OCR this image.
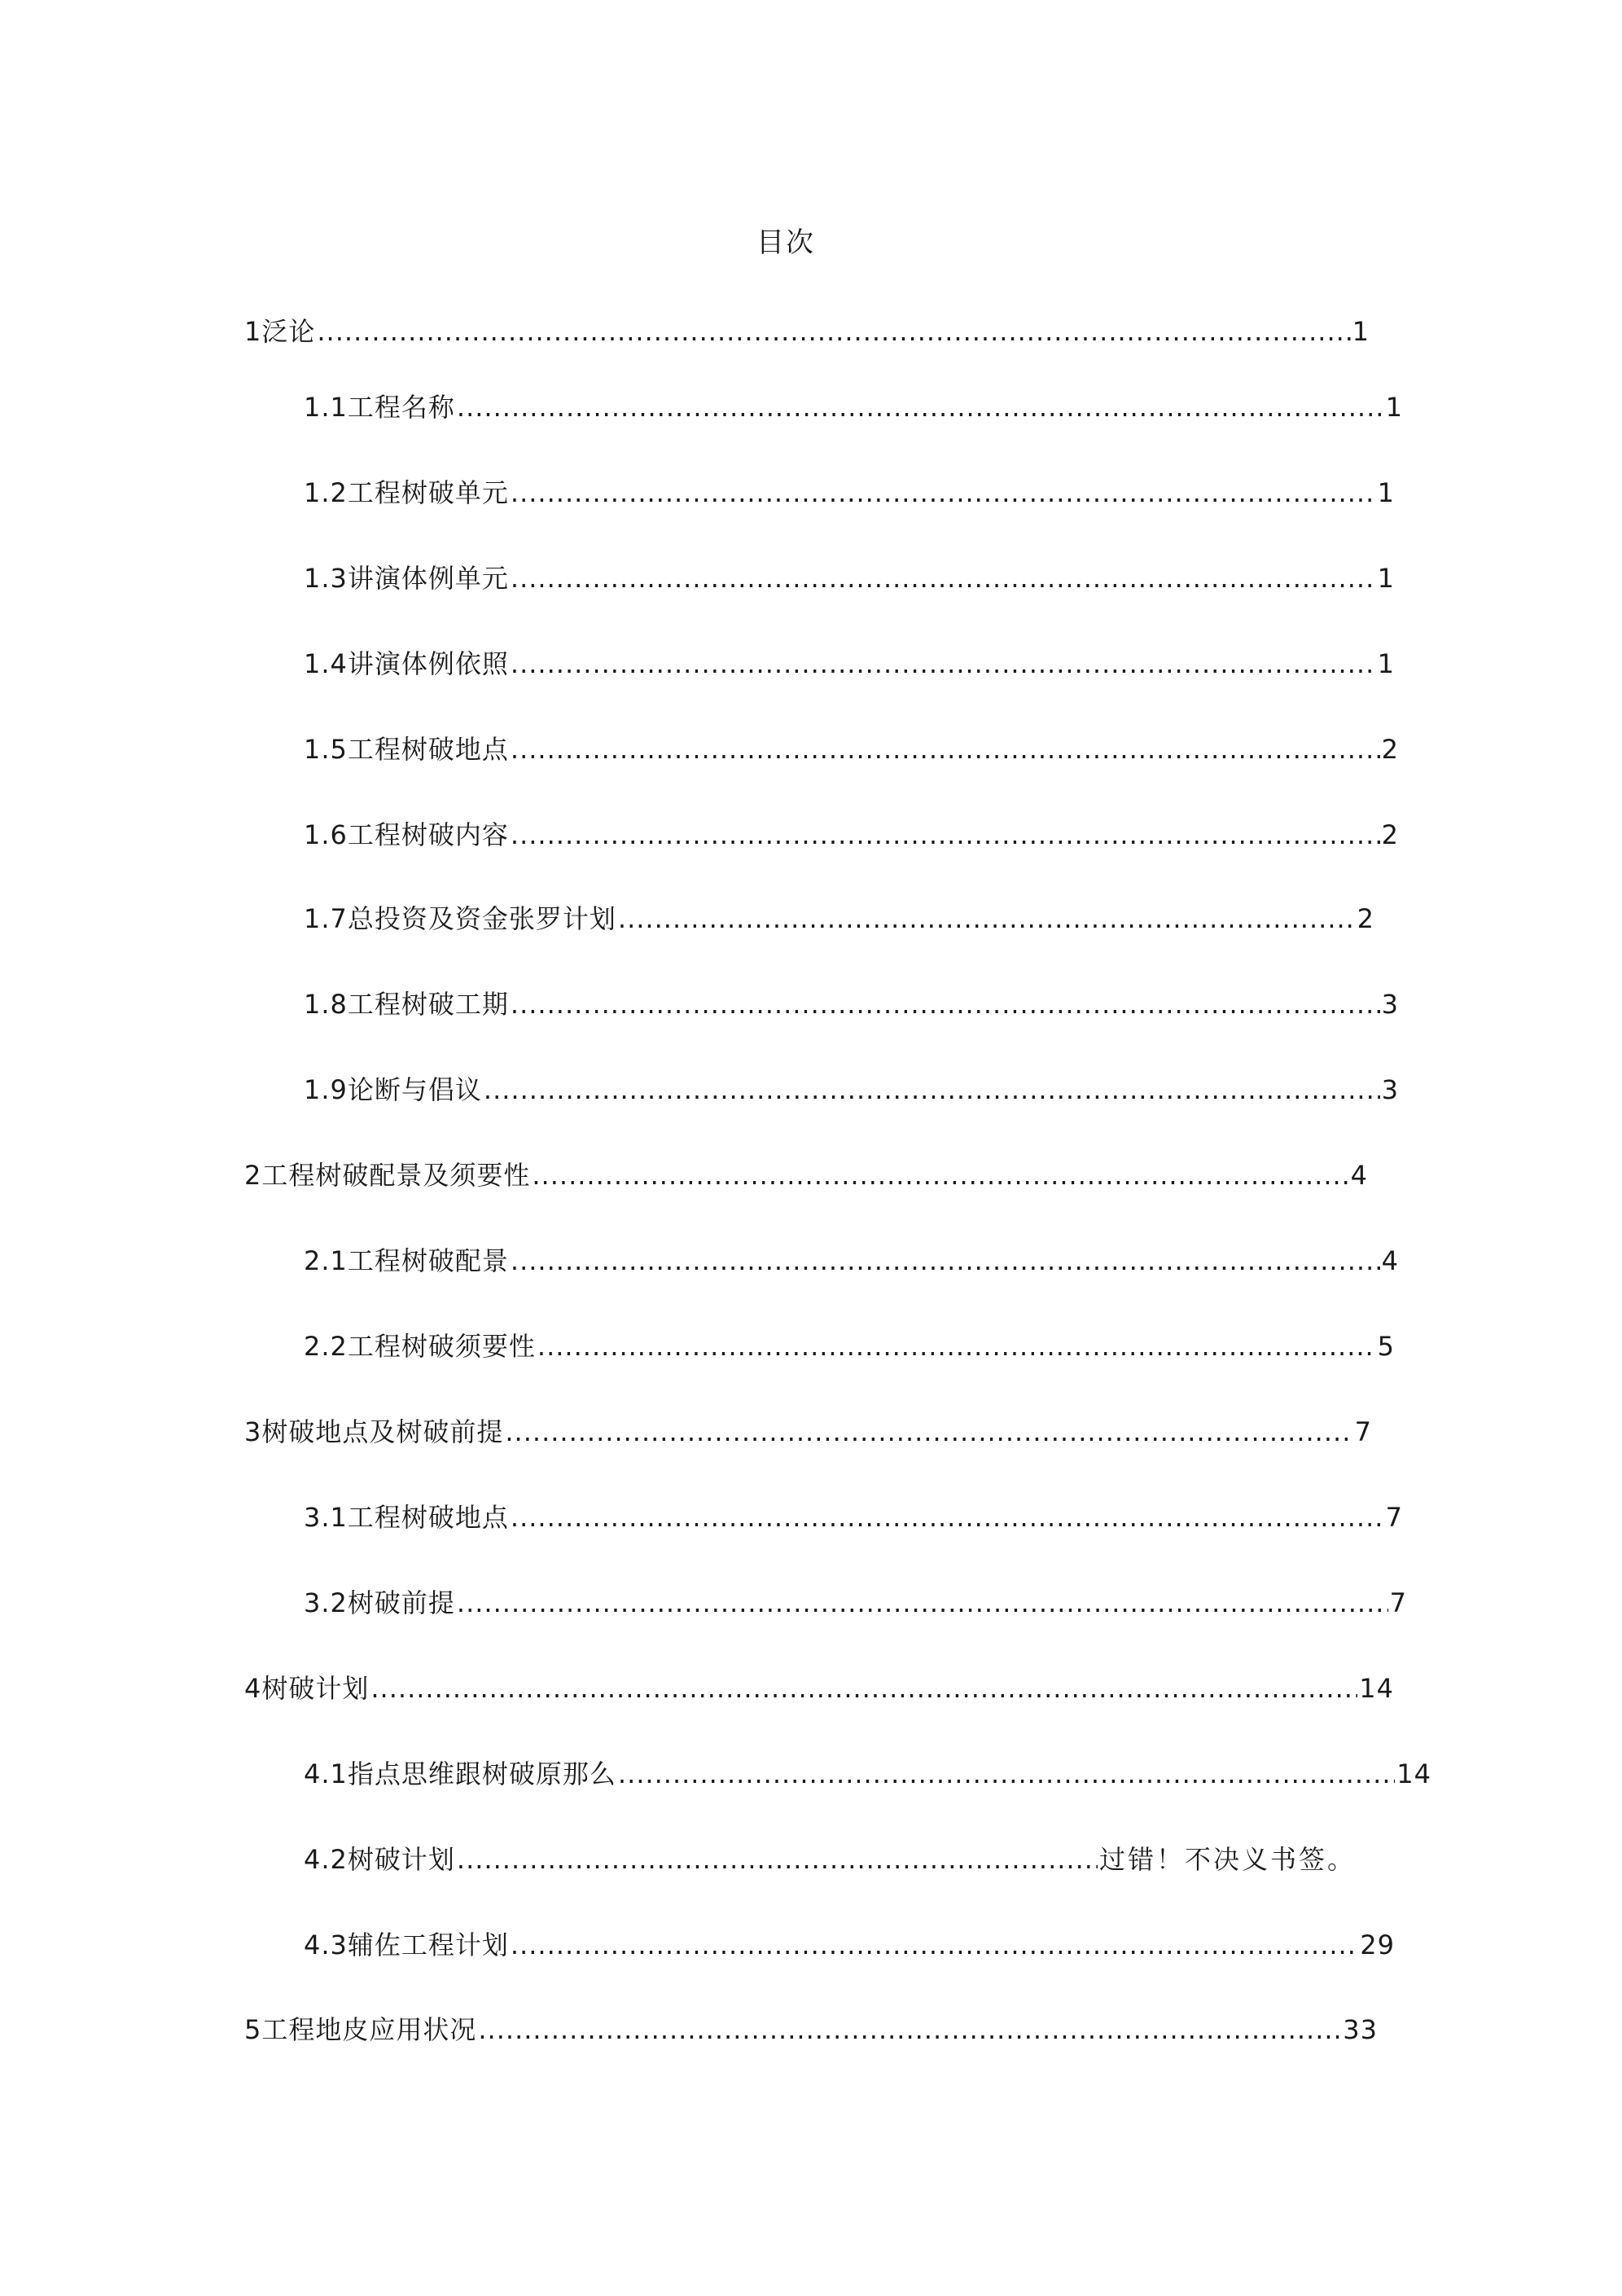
目次
1泛论 .....	1
1.1工程名称 .....	1
1.2工程树破单元 .....	1
1.3讲演体例单元 .....	1
1.4讲演体例依照 .....	1
1.5工程树破地点 .....	2
1.6工程树破内容 .....	2
1.7总投资及资金张罗计划 .....	2
1.8工程树破工期 .....	3
1.9论断与倡议 .....	3
2工程树破配景及须要性 .....	4
2.1工程树破配景 .....	4
2.2工程树破须要性 .....	5
3树破地点及树破前提 .....	7
3.1工程树破地点 .....	7
3.2树破前提 .....	7
4树破计划 .....	14
4.1指点思维跟树破原那么 .....	14
4.2树破计划 .....	过错！不决义书签。
4.3辅佐工程计划 .....	29
5工程地皮应用状况 .....	33
